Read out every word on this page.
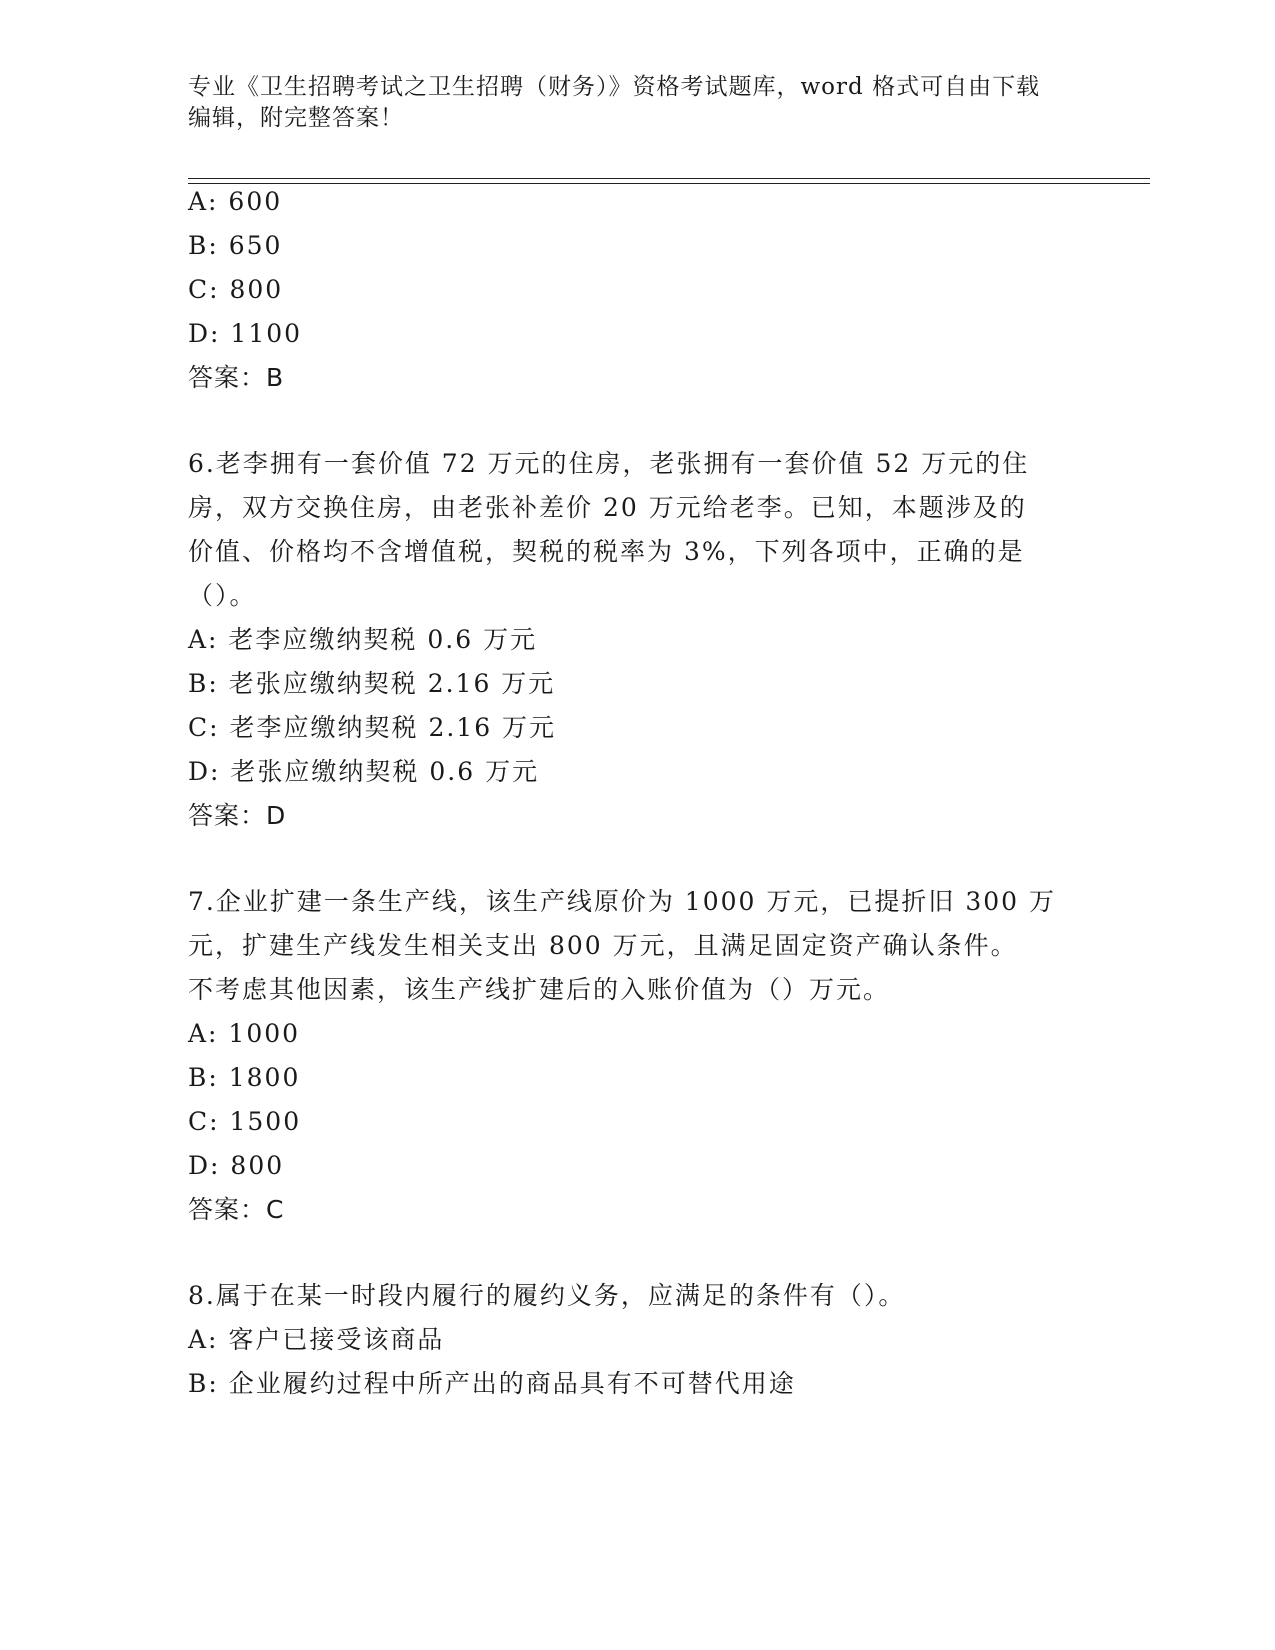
专业《卫生招聘考试之卫生招聘（财务）》资格考试题库，word 格式可自由下载
编辑，附完整答案！
A: 600
B: 650
C: 800
D: 1100
答案：B
6.老李拥有一套价值 72 万元的住房，老张拥有一套价值 52 万元的住
房，双方交换住房，由老张补差价 20 万元给老李。已知，本题涉及的
价值、价格均不含增值税，契税的税率为 3%，下列各项中，正确的是
（）。
A: 老李应缴纳契税 0.6 万元
B: 老张应缴纳契税 2.16 万元
C: 老李应缴纳契税 2.16 万元
D: 老张应缴纳契税 0.6 万元
答案：D
7.企业扩建一条生产线，该生产线原价为 1000 万元，已提折旧 300 万
元，扩建生产线发生相关支出 800 万元，且满足固定资产确认条件。
不考虑其他因素，该生产线扩建后的入账价值为（）万元。
A: 1000
B: 1800
C: 1500
D: 800
答案：C
8.属于在某一时段内履行的履约义务，应满足的条件有（）。
A: 客户已接受该商品
B: 企业履约过程中所产出的商品具有不可替代用途
